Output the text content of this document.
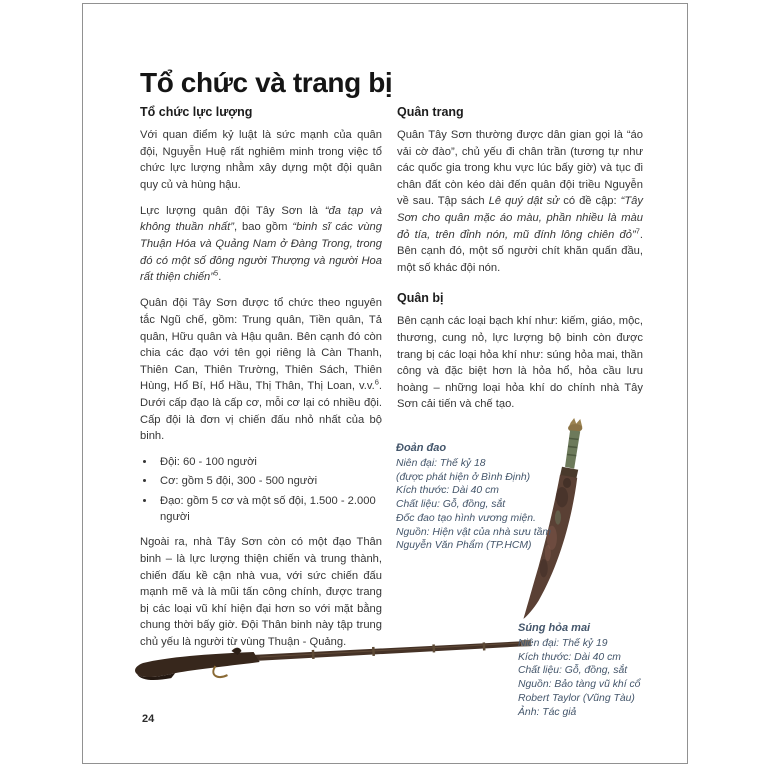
Tổ chức và trang bị
Tổ chức lực lượng

Với quan điểm kỷ luật là sức mạnh của quân đội, Nguyễn Huệ rất nghiêm minh trong việc tổ chức lực lượng nhằm xây dựng một đội quân quy củ và hùng hậu.

Lực lượng quân đội Tây Sơn là “đa tạp và không thuần nhất”, bao gồm “binh sĩ các vùng Thuận Hóa và Quảng Nam ở Đàng Trong, trong đó có một số đông người Thượng và người Hoa rất thiện chiến”$^5$.

Quân đội Tây Sơn được tổ chức theo nguyên tắc Ngũ chế, gồm: Trung quân, Tiền quân, Tả quân, Hữu quân và Hậu quân. Bên cạnh đó còn chia các đạo với tên gọi riêng là Càn Thanh, Thiên Can, Thiên Trường, Thiên Sách, Thiên Hùng, Hổ Bí, Hổ Hầu, Thị Thân, Thị Loan, v.v.$^6$. Dưới cấp đạo là cấp cơ, mỗi cơ lại có nhiều đội. Cấp đội là đơn vị chiến đấu nhỏ nhất của bộ binh.

• Đội: 60 - 100 người
• Cơ: gồm 5 đội, 300 - 500 người
• Đạo: gồm 5 cơ và một số đội, 1.500 - 2.000 người

Ngoài ra, nhà Tây Sơn còn có một đạo Thân binh – là lực lượng thiện chiến và trung thành, chiến đấu kề cận nhà vua, với sức chiến đấu mạnh mẽ và là mũi tấn công chính, được trang bị các loại vũ khí hiện đại hơn so với mặt bằng chung thời bấy giờ. Đội Thân binh này tập trung chủ yếu là người từ vùng Thuận - Quảng.

Quân trang

Quân Tây Sơn thường được dân gian gọi là “áo vải cờ đào”, chủ yếu đi chân trần (tương tự như các quốc gia trong khu vực lúc bấy giờ) và tục đi chân đất còn kéo dài đến quân đội triều Nguyễn về sau. Tập sách Lê quý dật sử có đề cập: “Tây Sơn cho quân mặc áo màu, phần nhiều là màu đỏ tía, trên đỉnh nón, mũ đính lông chiên đỏ”$^7$. Bên cạnh đó, một số người chít khăn quấn đầu, một số khác đội nón.

Quân bị

Bên cạnh các loại bạch khí như: kiếm, giáo, mộc, thương, cung nỏ, lực lượng bộ binh còn được trang bị các loại hỏa khí như: súng hỏa mai, thần công và đặc biệt hơn là hỏa hổ, hỏa cầu lưu hoàng – những loại hỏa khí do chính nhà Tây Sơn cải tiến và chế tạo.

Đoản đao
Niên đại: Thế kỷ 18
(được phát hiện ở Bình Định)
Kích thước: Dài 40 cm
Chất liệu: Gỗ, đồng, sắt
Đốc đao tạo hình vương miện.
Nguồn: Hiện vật của nhà sưu tầm
Nguyễn Văn Phẩm (TP.HCM)
Súng hỏa mai
Niên đại: Thế kỷ 19
Kích thước: Dài 40 cm
Chất liệu: Gỗ, đồng, sắt
Nguồn: Bảo tàng vũ khí cổ
Robert Taylor (Vũng Tàu)
Ảnh: Tác giả
24
